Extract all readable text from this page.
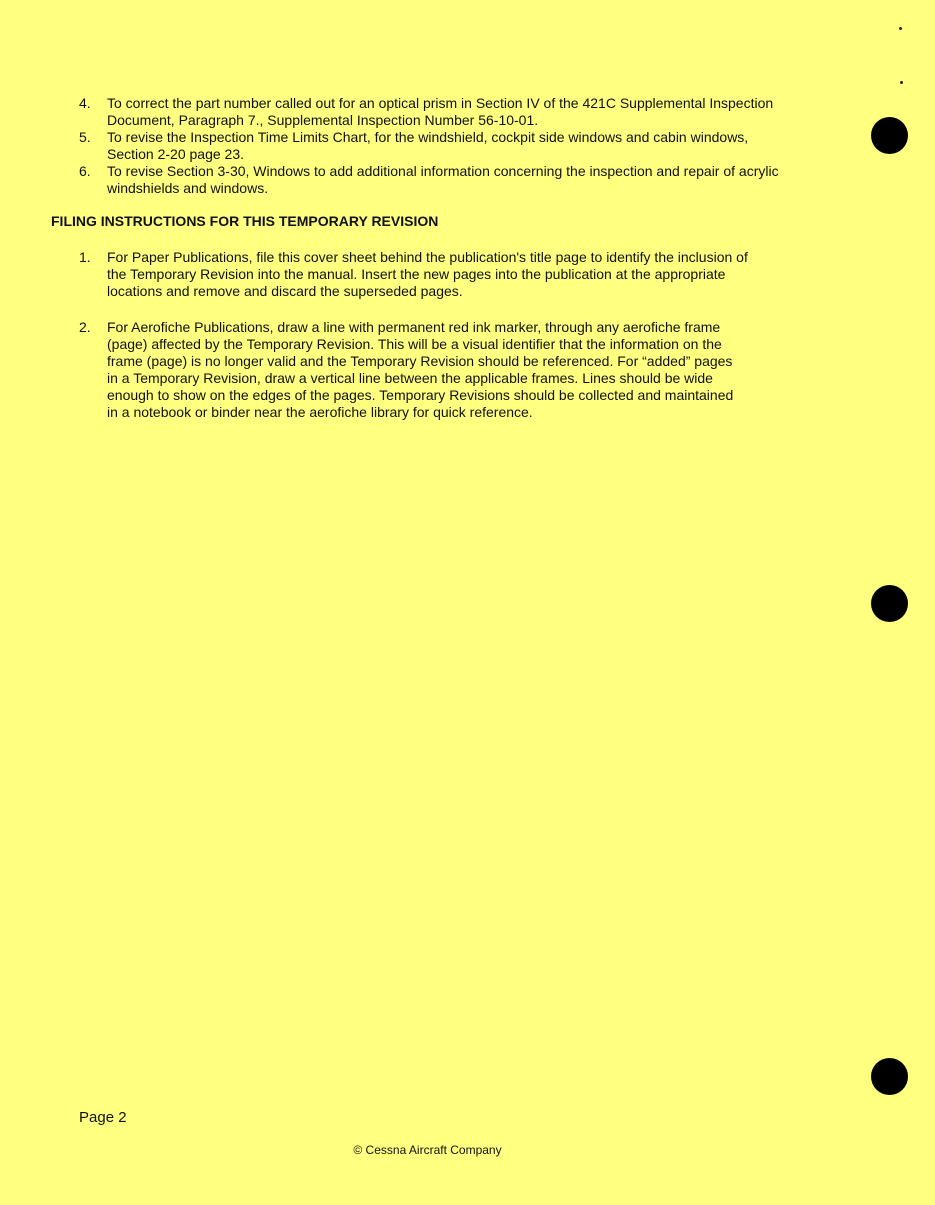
4. To correct the part number called out for an optical prism in Section IV of the 421C Supplemental Inspection Document, Paragraph 7., Supplemental Inspection Number 56-10-01.
5. To revise the Inspection Time Limits Chart, for the windshield, cockpit side windows and cabin windows, Section 2-20 page 23.
6. To revise Section 3-30, Windows to add additional information concerning the inspection and repair of acrylic windshields and windows.
FILING INSTRUCTIONS FOR THIS TEMPORARY REVISION
1. For Paper Publications, file this cover sheet behind the publication's title page to identify the inclusion of the Temporary Revision into the manual. Insert the new pages into the publication at the appropriate locations and remove and discard the superseded pages.
2. For Aerofiche Publications, draw a line with permanent red ink marker, through any aerofiche frame (page) affected by the Temporary Revision. This will be a visual identifier that the information on the frame (page) is no longer valid and the Temporary Revision should be referenced. For “added” pages in a Temporary Revision, draw a vertical line between the applicable frames. Lines should be wide enough to show on the edges of the pages. Temporary Revisions should be collected and maintained in a notebook or binder near the aerofiche library for quick reference.
Page 2
© Cessna Aircraft Company
